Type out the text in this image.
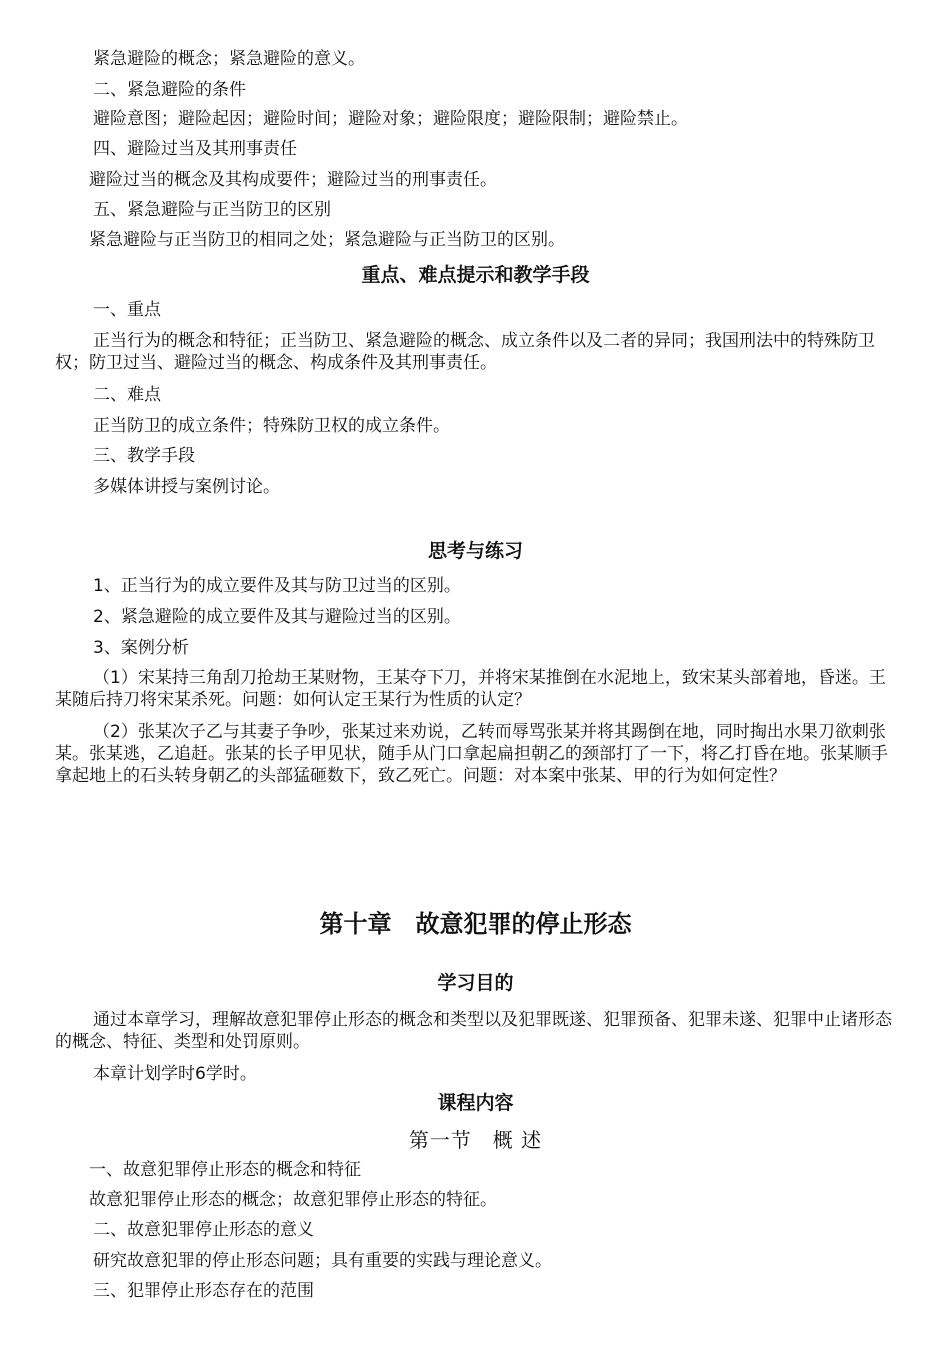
紧急避险的概念；紧急避险的意义。
二、紧急避险的条件
避险意图；避险起因；避险时间；避险对象；避险限度；避险限制；避险禁止。
四、避险过当及其刑事责任
避险过当的概念及其构成要件；避险过当的刑事责任。
五、紧急避险与正当防卫的区别
紧急避险与正当防卫的相同之处；紧急避险与正当防卫的区别。
重点、难点提示和教学手段
一、重点
正当行为的概念和特征；正当防卫、紧急避险的概念、成立条件以及二者的异同；我国刑法中的特殊防卫权；防卫过当、避险过当的概念、构成条件及其刑事责任。
二、难点
正当防卫的成立条件；特殊防卫权的成立条件。
三、教学手段
多媒体讲授与案例讨论。
思考与练习
1、正当行为的成立要件及其与防卫过当的区别。
2、紧急避险的成立要件及其与避险过当的区别。
3、案例分析
（1）宋某持三角刮刀抢劫王某财物，王某夺下刀，并将宋某推倒在水泥地上，致宋某头部着地，昏迷。王某随后持刀将宋某杀死。问题：如何认定王某行为性质的认定？
（2）张某次子乙与其妻子争吵，张某过来劝说，乙转而辱骂张某并将其踢倒在地，同时掏出水果刀欲刺张某。张某逃，乙追赶。张某的长子甲见状，随手从门口拿起扁担朝乙的颈部打了一下，将乙打昏在地。张某顺手拿起地上的石头转身朝乙的头部猛砸数下，致乙死亡。问题：对本案中张某、甲的行为如何定性？
第十章　故意犯罪的停止形态
学习目的
通过本章学习，理解故意犯罪停止形态的概念和类型以及犯罪既遂、犯罪预备、犯罪未遂、犯罪中止诸形态的概念、特征、类型和处罚原则。
本章计划学时6学时。
课程内容
第一节　概 述
一、故意犯罪停止形态的概念和特征
故意犯罪停止形态的概念；故意犯罪停止形态的特征。
二、故意犯罪停止形态的意义
研究故意犯罪的停止形态问题；具有重要的实践与理论意义。
三、犯罪停止形态存在的范围
